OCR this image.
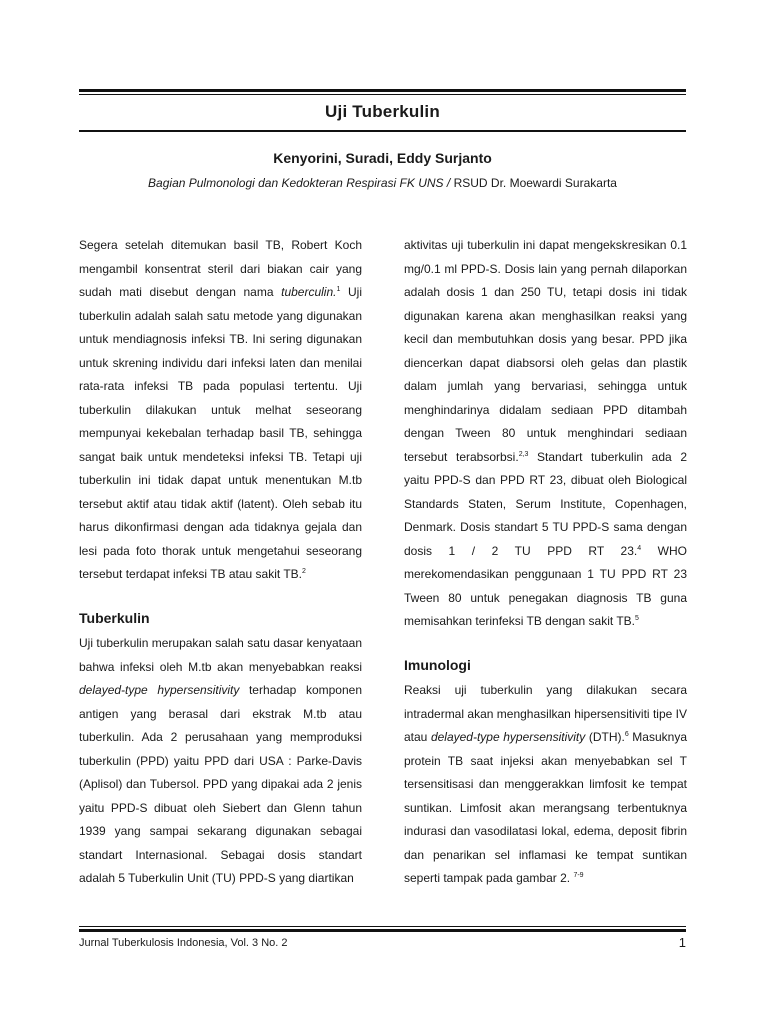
Uji Tuberkulin
Kenyorini, Suradi, Eddy Surjanto
Bagian Pulmonologi dan Kedokteran Respirasi FK UNS / RSUD Dr. Moewardi Surakarta

Segera setelah ditemukan basil TB, Robert Koch mengambil konsentrat steril dari biakan cair yang sudah mati disebut dengan nama tuberculin.$^1$ Uji tuberkulin adalah salah satu metode yang digunakan untuk mendiagnosis infeksi TB. Ini sering digunakan untuk skrening individu dari infeksi laten dan menilai rata-rata infeksi TB pada populasi tertentu. Uji tuberkulin dilakukan untuk melhat seseorang mempunyai kekebalan terhadap basil TB, sehingga sangat baik untuk mendeteksi infeksi TB. Tetapi uji tuberkulin ini tidak dapat untuk menentukan M.tb tersebut aktif atau tidak aktif (latent). Oleh sebab itu harus dikonfirmasi dengan ada tidaknya gejala dan lesi pada foto thorak untuk mengetahui seseorang tersebut terdapat infeksi TB atau sakit TB.$^2$

Tuberkulin

Uji tuberkulin merupakan salah satu dasar kenyataan bahwa infeksi oleh M.tb akan menyebabkan reaksi delayed-type hypersensitivity terhadap komponen antigen yang berasal dari ekstrak M.tb atau tuberkulin. Ada 2 perusahaan yang memproduksi tuberkulin (PPD) yaitu PPD dari USA : Parke-Davis (Aplisol) dan Tubersol. PPD yang dipakai ada 2 jenis yaitu PPD-S dibuat oleh Siebert dan Glenn tahun 1939 yang sampai sekarang digunakan sebagai standart Internasional. Sebagai dosis standart adalah 5 Tuberkulin Unit (TU) PPD-S yang diartikan

aktivitas uji tuberkulin ini dapat mengekskresikan 0.1 mg/0.1 ml PPD-S. Dosis lain yang pernah dilaporkan adalah dosis 1 dan 250 TU, tetapi dosis ini tidak digunakan karena akan menghasilkan reaksi yang kecil dan membutuhkan dosis yang besar. PPD jika diencerkan dapat diabsorsi oleh gelas dan plastik dalam jumlah yang bervariasi, sehingga untuk menghindarinya didalam sediaan PPD ditambah dengan Tween 80 untuk menghindari sediaan tersebut terabsorbsi.$^{2,3}$ Standart tuberkulin ada 2 yaitu PPD-S dan PPD RT 23, dibuat oleh Biological Standards Staten, Serum Institute, Copenhagen, Denmark. Dosis standart 5 TU PPD-S sama dengan dosis 1 / 2 TU PPD RT 23.$^4$ WHO merekomendasikan penggunaan 1 TU PPD RT 23 Tween 80 untuk penegakan diagnosis TB guna memisahkan terinfeksi TB dengan sakit TB.$^5$

Imunologi

Reaksi uji tuberkulin yang dilakukan secara intradermal akan menghasilkan hipersensitiviti tipe IV atau delayed-type hypersensitivity (DTH).$^6$ Masuknya protein TB saat injeksi akan menyebabkan sel T tersensitisasi dan menggerakkan limfosit ke tempat suntikan. Limfosit akan merangsang terbentuknya indurasi dan vasodilatasi lokal, edema, deposit fibrin dan penarikan sel inflamasi ke tempat suntikan seperti tampak pada gambar 2. $^{7-9}$

Jurnal Tuberkulosis Indonesia, Vol. 3 No. 2	1
